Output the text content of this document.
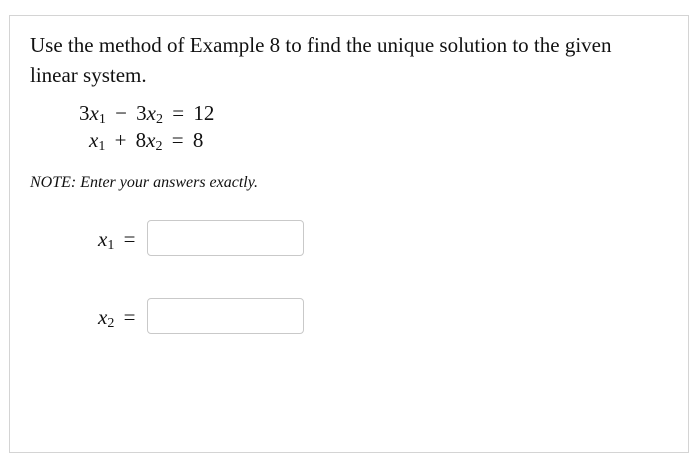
Use the method of Example 8 to find the unique solution to the given linear system.
$3x_1 - 3x_2 = 12$
$x_1 + 8x_2 = 8$
NOTE: Enter your answers exactly.
$x_1$ =
$x_2$ =
